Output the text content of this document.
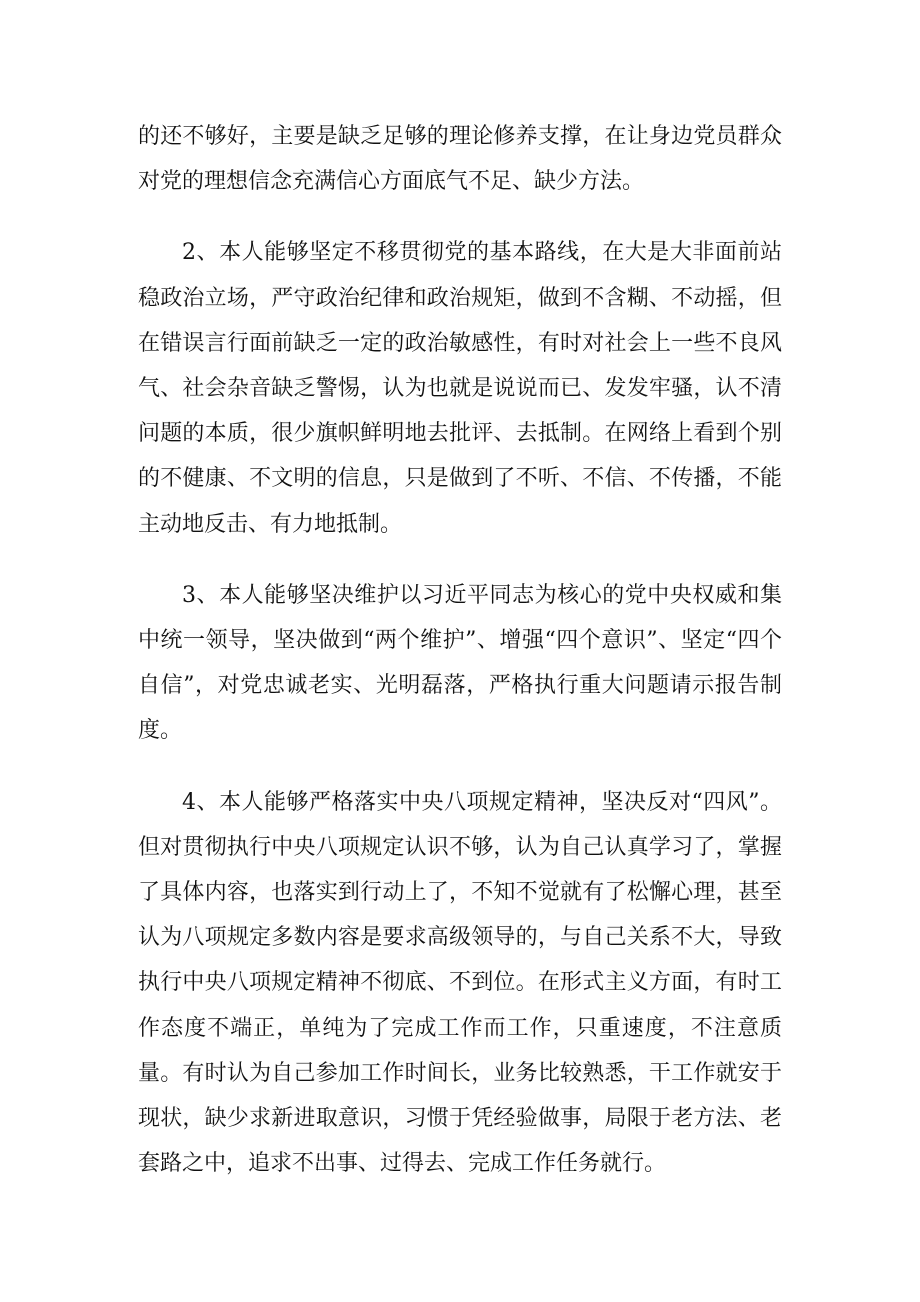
的还不够好，主要是缺乏足够的理论修养支撑，在让身边党员群众对党的理想信念充满信心方面底气不足、缺少方法。

2、本人能够坚定不移贯彻党的基本路线，在大是大非面前站稳政治立场，严守政治纪律和政治规矩，做到不含糊、不动摇，但在错误言行面前缺乏一定的政治敏感性，有时对社会上一些不良风气、社会杂音缺乏警惕，认为也就是说说而已、发发牢骚，认不清问题的本质，很少旗帜鲜明地去批评、去抵制。在网络上看到个别的不健康、不文明的信息，只是做到了不听、不信、不传播，不能主动地反击、有力地抵制。

3、本人能够坚决维护以习近平同志为核心的党中央权威和集中统一领导，坚决做到“两个维护”、增强“四个意识”、坚定“四个自信”，对党忠诚老实、光明磊落，严格执行重大问题请示报告制度。

4、本人能够严格落实中央八项规定精神，坚决反对“四风”。但对贯彻执行中央八项规定认识不够，认为自己认真学习了，掌握了具体内容，也落实到行动上了，不知不觉就有了松懈心理，甚至认为八项规定多数内容是要求高级领导的，与自己关系不大，导致执行中央八项规定精神不彻底、不到位。在形式主义方面，有时工作态度不端正，单纯为了完成工作而工作，只重速度，不注意质量。有时认为自己参加工作时间长，业务比较熟悉，干工作就安于现状，缺少求新进取意识，习惯于凭经验做事，局限于老方法、老套路之中，追求不出事、过得去、完成工作任务就行。
